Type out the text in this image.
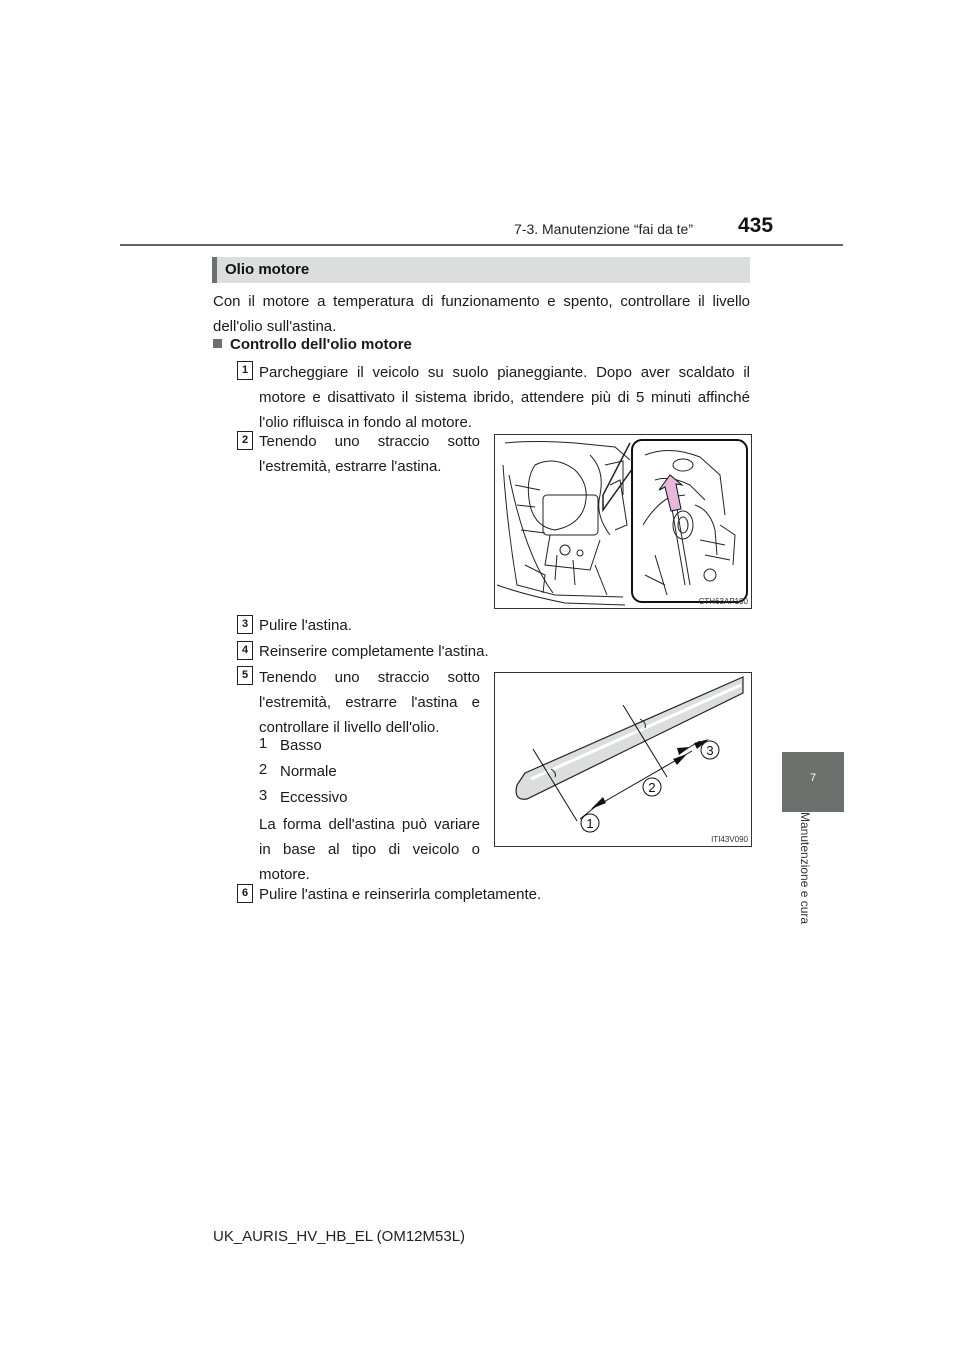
7-3. Manutenzione “fai da te” 435
7
Manutenzione e cura
Olio motore
Con il motore a temperatura di funzionamento e spento, controllare il livello dell'olio sull'astina.
Controllo dell'olio motore
1 Parcheggiare il veicolo su suolo pianeggiante. Dopo aver scaldato il motore e disattivato il sistema ibrido, attendere più di 5 minuti affinché l'olio rifluisca in fondo al motore.
2 Tenendo uno straccio sotto l'estremità, estrarre l'astina.
CTH63AP190
3 Pulire l'astina.
4 Reinserire completamente l'astina.
5 Tenendo uno straccio sotto l'estremità, estrarre l'astina e controllare il livello dell'olio.
1 Basso
2 Normale
3 Eccessivo
La forma dell'astina può variare in base al tipo di veicolo o motore.
1
2
3
ITI43V090
6 Pulire l'astina e reinserirla completamente.
UK_AURIS_HV_HB_EL (OM12M53L)
